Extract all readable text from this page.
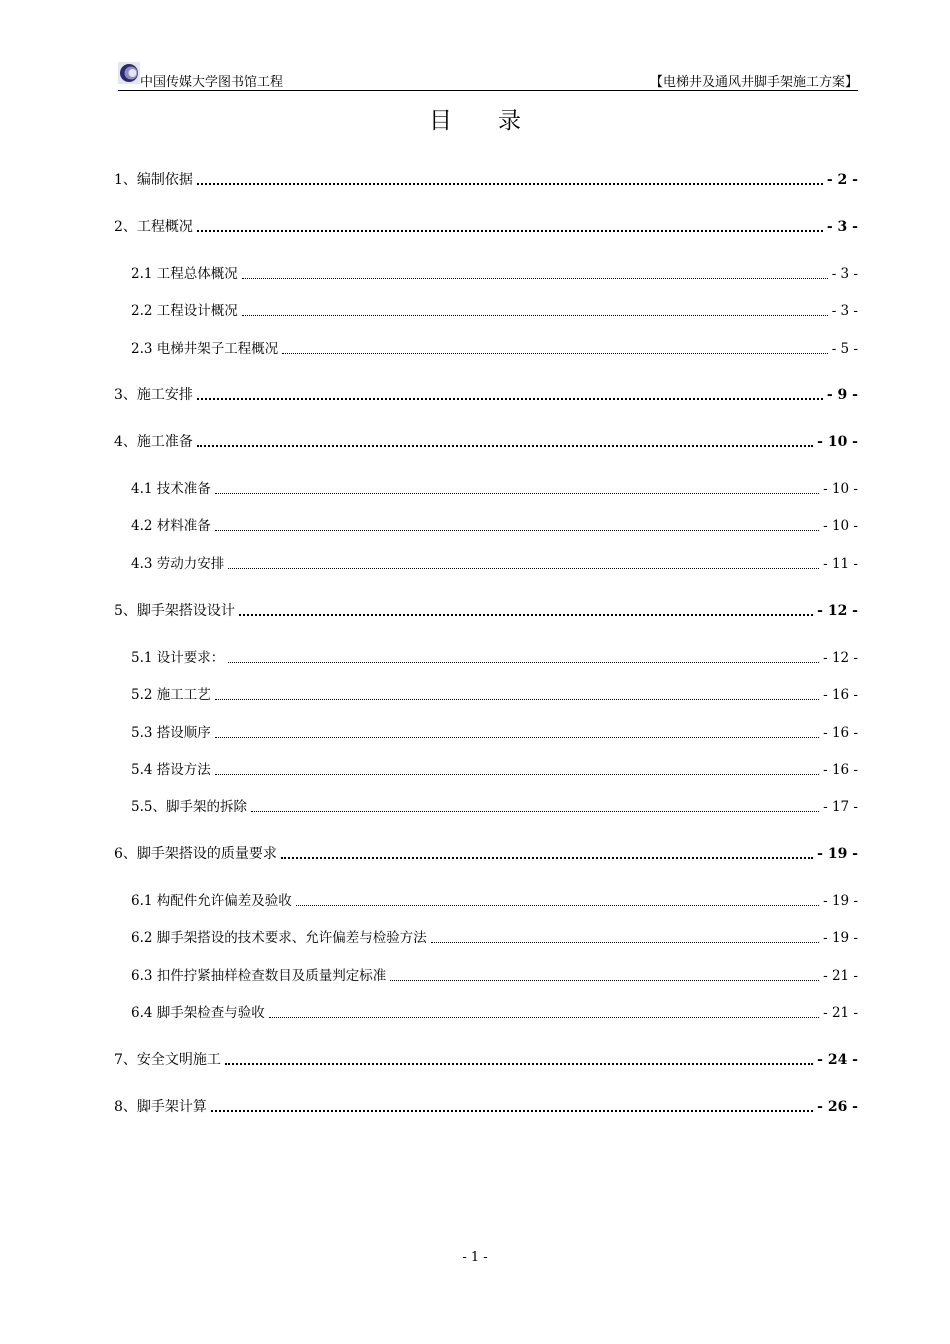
中国传媒大学图书馆工程	【电梯井及通风井脚手架施工方案】
目录
1、编制依据	- 2 -
2、工程概况	- 3 -
2.1 工程总体概况	- 3 -
2.2 工程设计概况	- 3 -
2.3 电梯井架子工程概况	- 5 -
3、施工安排	- 9 -
4、施工准备	- 10 -
4.1 技术准备	- 10 -
4.2 材料准备	- 10 -
4.3 劳动力安排	- 11 -
5、脚手架搭设设计	- 12 -
5.1 设计要求：	- 12 -
5.2 施工工艺	- 16 -
5.3 搭设顺序	- 16 -
5.4 搭设方法	- 16 -
5.5、脚手架的拆除	- 17 -
6、脚手架搭设的质量要求	- 19 -
6.1 构配件允许偏差及验收	- 19 -
6.2 脚手架搭设的技术要求、允许偏差与检验方法	- 19 -
6.3 扣件拧紧抽样检查数目及质量判定标准	- 21 -
6.4 脚手架检查与验收	- 21 -
7、安全文明施工	- 24 -
8、脚手架计算	- 26 -
- 1 -
